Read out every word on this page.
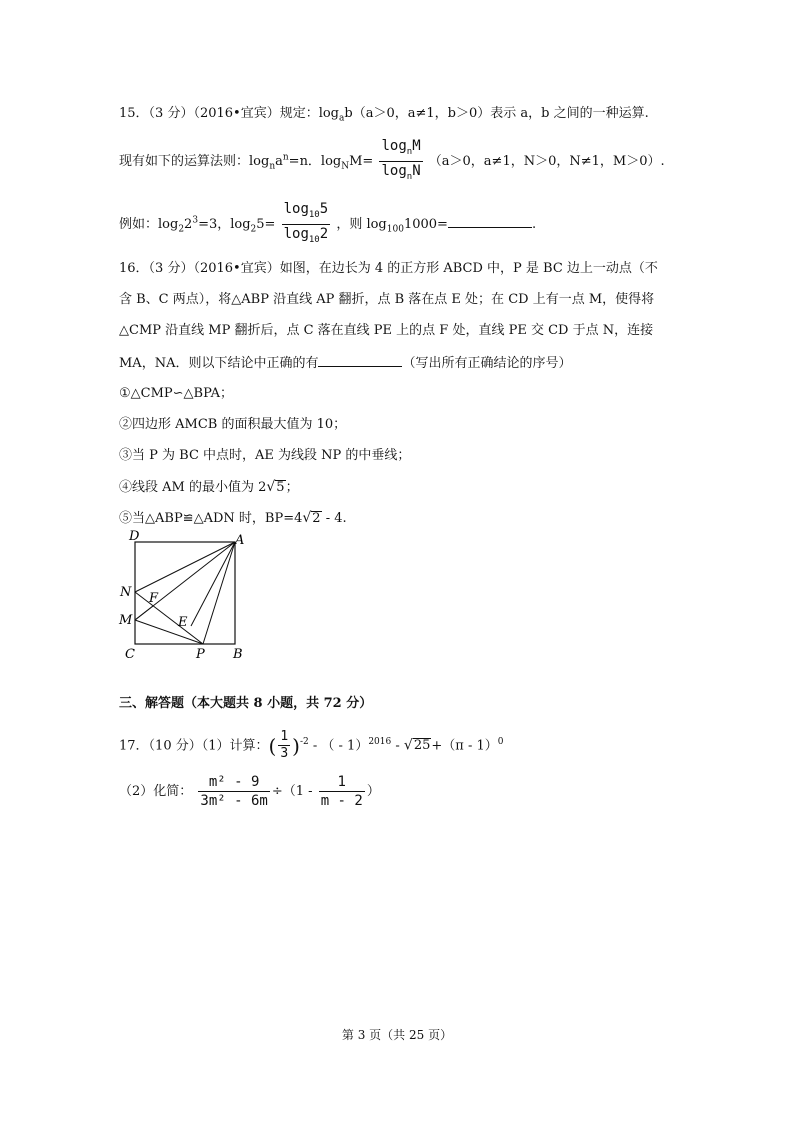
15．（3 分）（2016•宜宾）规定：$\log_ab(a>0$，a≠1，b＞0）表示 a，b 之间的一种运算.
现有如下的运算法则：$\log_na^n=n$．$\log_NM= \frac{\log_nM}{\log_nN} (a>0$，a≠1，N＞0，N≠1，M＞0）.
例如：$\log_22^3=3$，$\log_25= \frac{\log_{10}5}{\log_{10}2}$ ，则 $\log_{100}1000=$	.
16．（3 分）（2016•宜宾）如图，在边长为 4 的正方形 ABCD 中，P 是 BC 边上一动点（不
含 B、C 两点），将△ABP 沿直线 AP 翻折，点 B 落在点 E 处；在 CD 上有一点 M，使得将
△CMP 沿直线 MP 翻折后，点 C 落在直线 PE 上的点 F 处，直线 PE 交 CD 于点 N，连接
MA，NA．则以下结论中正确的有	（写出所有正确结论的序号）
①△CMP∽△BPA；
②四边形 AMCB 的面积最大值为 10；
③当 P 为 BC 中点时，AE 为线段 NP 的中垂线；
④线段 AM 的最小值为 2√5；
⑤当△ABP≌△ADN 时，BP=4√2 - 4.
D	A
N F
M	E
C	P B
三、解答题（本大题共 8 小题，共 72 分）
17．（10 分）（1）计算：( $\frac{1}{3} )^{-2}$ - （ - 1）$^{2016}$ - √25+（π - 1）$^0$
（2）化简： $\frac{\text{m² - 9}}{\text{3m² - 6m}} \div(1 - \frac{1}{m - 2}$ ）
第 3 页（共 25 页）
